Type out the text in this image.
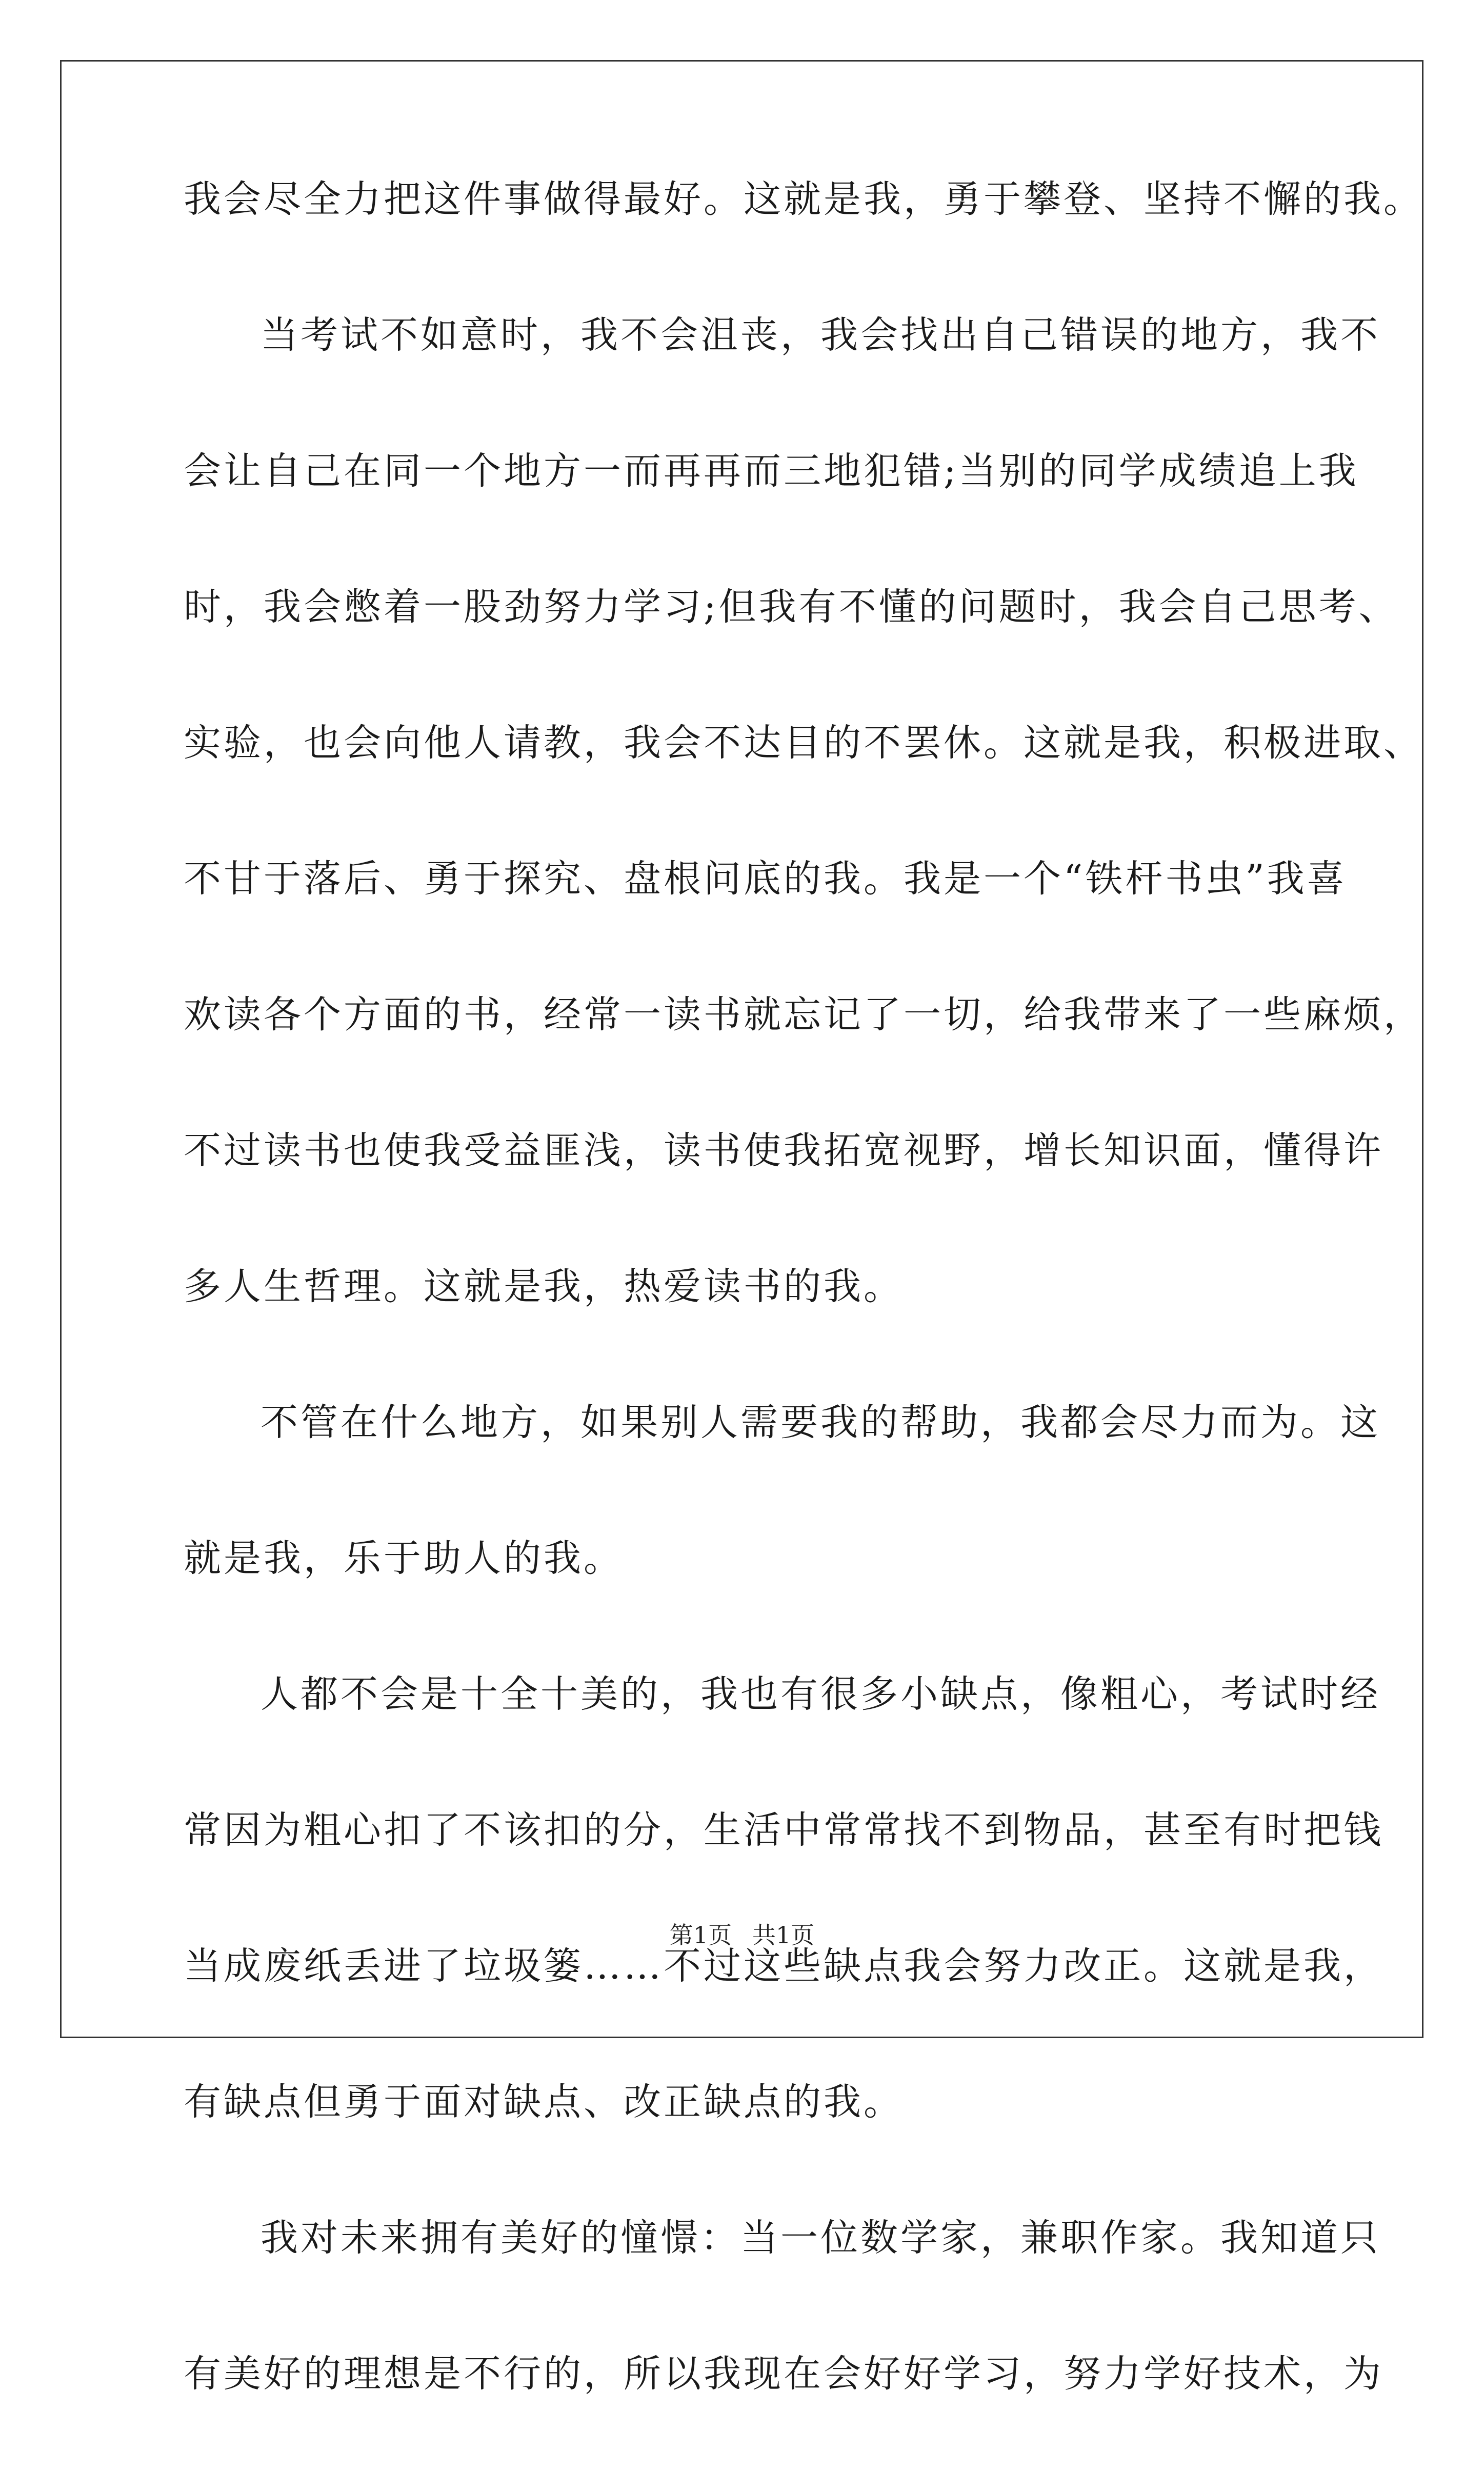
我会尽全力把这件事做得最好。这就是我，勇于攀登、坚持不懈的我。
当考试不如意时，我不会沮丧，我会找出自己错误的地方，我不
会让自己在同一个地方一而再再而三地犯错;当别的同学成绩追上我
时，我会憋着一股劲努力学习;但我有不懂的问题时，我会自己思考、
实验，也会向他人请教，我会不达目的不罢休。这就是我，积极进取、
不甘于落后、勇于探究、盘根问底的我。我是一个“铁杆书虫”我喜
欢读各个方面的书，经常一读书就忘记了一切，给我带来了一些麻烦，
不过读书也使我受益匪浅，读书使我拓宽视野，增长知识面，懂得许
多人生哲理。这就是我，热爱读书的我。
不管在什么地方，如果别人需要我的帮助，我都会尽力而为。这
就是我，乐于助人的我。
人都不会是十全十美的，我也有很多小缺点，像粗心，考试时经
常因为粗心扣了不该扣的分，生活中常常找不到物品，甚至有时把钱
当成废纸丢进了垃圾篓……不过这些缺点我会努力改正。这就是我，
有缺点但勇于面对缺点、改正缺点的我。
我对未来拥有美好的憧憬：当一位数学家，兼职作家。我知道只
有美好的理想是不行的，所以我现在会好好学习，努力学好技术，为
第1页 共1页
